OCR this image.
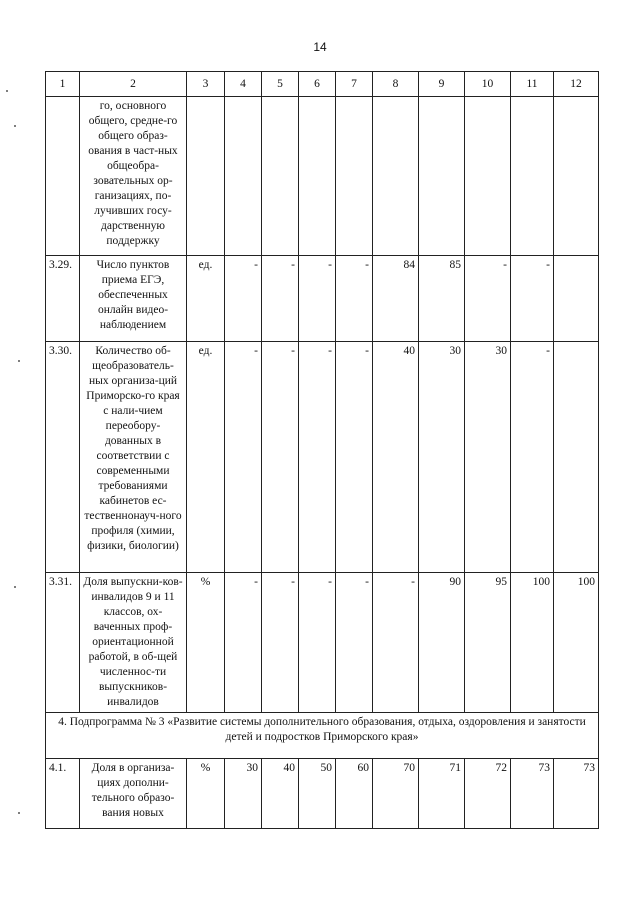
14
1	2	3	4	5	6	7	8	9	10	11	12
	го, основного общего, средне-го общего образ-ования в част-ных общеобра-зовательных ор-ганизациях, по-лучивших госу-дарственную поддержку										
3.29.	Число пунктов приема ЕГЭ, обеспеченных онлайн видео-наблюдением	ед.	-	-	-	-	84	85	-	-	
3.30.	Количество об-щеобразователь-ных организа-ций Приморско-го края с нали-чием переобору-дованных в соответствии с современными требованиями кабинетов ес-тественнонауч-ного профиля (химии, физики, биологии)	ед.	-	-	-	-	40	30	30	-	
3.31.	Доля выпускни-ков-инвалидов 9 и 11 классов, ох-ваченных проф-ориентационной работой, в об-щей численнос-ти выпускников-инвалидов	%	-	-	-	-	-	90	95	100	100
4. Подпрограмма № 3 «Развитие системы дополнительного образования, отдыха, оздоровления и занятости детей и подростков Приморского края»											
4.1.	Доля в организа-циях дополни-тельного образо-вания новых	%	30	40	50	60	70	71	72	73	73
